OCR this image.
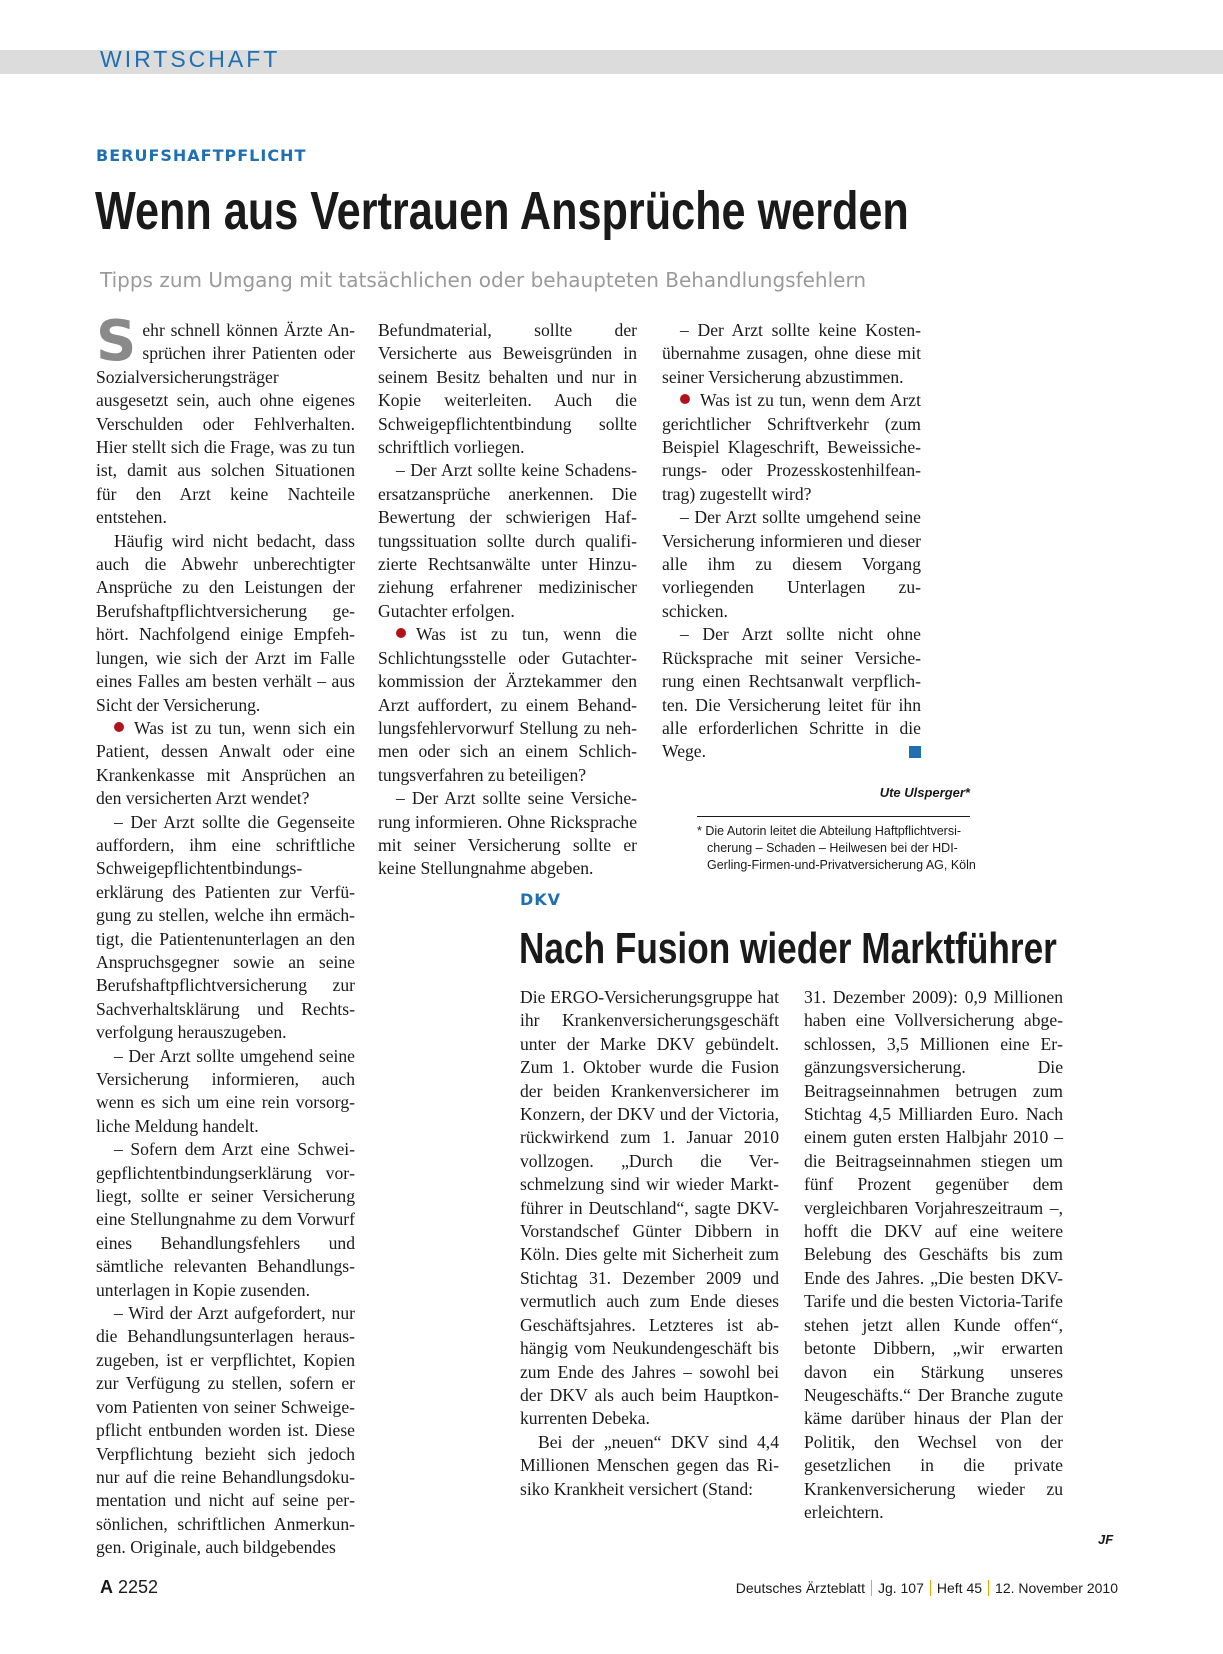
WIRTSCHAFT
BERUFSHAFTPFLICHT
Wenn aus Vertrauen Ansprüche werden
Tipps zum Umgang mit tatsächlichen oder behaupteten Behandlungsfehlern

Sehr schnell können Ärzte Ansprüchen ihrer Patienten oder Sozialversicherungsträger ausgesetzt sein, auch ohne eigenes Verschulden oder Fehlverhalten. Hier stellt sich die Frage, was zu tun ist, damit aus solchen Situationen für den Arzt keine Nachteile entstehen.

Häufig wird nicht bedacht, dass auch die Abwehr unberechtigter Ansprüche zu den Leistungen der Berufshaftpflichtversicherung gehört. Nachfolgend einige Empfehlungen, wie sich der Arzt im Falle eines Falles am besten verhält – aus Sicht der Versicherung.

Was ist zu tun, wenn sich ein Patient, dessen Anwalt oder eine Krankenkasse mit Ansprüchen an den versicherten Arzt wendet?

– Der Arzt sollte die Gegenseite auffordern, ihm eine schriftliche Schweigepflichtentbindungserklärung des Patienten zur Verfügung zu stellen, welche ihn ermächtigt, die Patientenunterlagen an den Anspruchsgegner sowie an seine Berufshaftpflichtversicherung zur Sachverhaltsklärung und Rechtsverfolgung herauszugeben.

– Der Arzt sollte umgehend seine Versicherung informieren, auch wenn es sich um eine rein vorsorgliche Meldung handelt.

– Sofern dem Arzt eine Schweigepflichtentbindungserklärung vorliegt, sollte er seiner Versicherung eine Stellungnahme zu dem Vorwurf eines Behandlungsfehlers und sämtliche relevanten Behandlungsunterlagen in Kopie zusenden.

– Wird der Arzt aufgefordert, nur die Behandlungsunterlagen herauszugeben, ist er verpflichtet, Kopien zur Verfügung zu stellen, sofern er vom Patienten von seiner Schweigepflicht entbunden worden ist. Diese Verpflichtung bezieht sich jedoch nur auf die reine Behandlungsdokumentation und nicht auf seine persönlichen, schriftlichen Anmerkungen. Originale, auch bildgebendes

Befundmaterial, sollte der Versicherte aus Beweisgründen in seinem Besitz behalten und nur in Kopie weiterleiten. Auch die Schweigepflichtentbindung sollte schriftlich vorliegen.

– Der Arzt sollte keine Schadensersatzansprüche anerkennen. Die Bewertung der schwierigen Haftungssituation sollte durch qualifizierte Rechtsanwälte unter Hinzuziehung erfahrener medizinischer Gutachter erfolgen.

Was ist zu tun, wenn die Schlichtungsstelle oder Gutachterkommission der Ärztekammer den Arzt auffordert, zu einem Behandlungsfehlervorwurf Stellung zu nehmen oder sich an einem Schlichtungsverfahren zu beteiligen?

– Der Arzt sollte seine Versicherung informieren. Ohne Ricksprаche mit seiner Versicherung sollte er keine Stellungnahme abgeben.

– Der Arzt sollte keine Kostenübernahme zusagen, ohne diese mit seiner Versicherung abzustimmen.

Was ist zu tun, wenn dem Arzt gerichtlicher Schriftverkehr (zum Beispiel Klageschrift, Beweissicherungs- oder Prozesskostenhilfeantrag) zugestellt wird?

– Der Arzt sollte umgehend seine Versicherung informieren und dieser alle ihm zu diesem Vorgang vorliegenden Unterlagen zuschicken.

– Der Arzt sollte nicht ohne Rücksprache mit seiner Versicherung einen Rechtsanwalt verpflichten. Die Versicherung leitet für ihn alle erforderlichen Schritte in die Wege.

Ute Ulsperger*
* Die Autorin leitet die Abteilung Haftpflichtversi-
cherung – Schaden – Heilwesen bei der HDI-
Gerling-Firmen-und-Privatversicherung AG, Köln
DKV
Nach Fusion wieder Marktführer

Die ERGO-Versicherungsgruppe hat ihr Krankenversicherungsgeschäft unter der Marke DKV gebündelt. Zum 1. Oktober wurde die Fusion der beiden Krankenversicherer im Konzern, der DKV und der Victoria, rückwirkend zum 1. Januar 2010 vollzogen. „Durch die Verschmelzung sind wir wieder Marktführer in Deutschland“, sagte DKV-Vorstandschef Günter Dibbern in Köln. Dies gelte mit Sicherheit zum Stichtag 31. Dezember 2009 und vermutlich auch zum Ende dieses Geschäftsjahres. Letzteres ist abhängig vom Neukundengeschäft bis zum Ende des Jahres – sowohl bei der DKV als auch beim Hauptkonkurrenten Debeka.

Bei der „neuen“ DKV sind 4,4 Millionen Menschen gegen das Risiko Krankheit versichert (Stand:

31. Dezember 2009): 0,9 Millionen haben eine Vollversicherung abgeschlossen, 3,5 Millionen eine Ergänzungsversicherung. Die Beitragseinnahmen betrugen zum Stichtag 4,5 Milliarden Euro. Nach einem guten ersten Halbjahr 2010 – die Beitragseinnahmen stiegen um fünf Prozent gegenüber dem vergleichbaren Vorjahreszeitraum –, hofft die DKV auf eine weitere Belebung des Geschäfts bis zum Ende des Jahres. „Die besten DKV-Tarife und die besten Victoria-Tarife stehen jetzt allen Kunde offen“, betonte Dibbern, „wir erwarten davon ein Stärkung unseres Neugeschäfts.“ Der Branche zugute käme darüber hinaus der Plan der Politik, den Wechsel von der gesetzlichen in die private Krankenversicherung wieder zu erleichtern.

JF
A 2252	Deutsches Ärzteblatt Jg. 107 Heft 45 12. November 2010
